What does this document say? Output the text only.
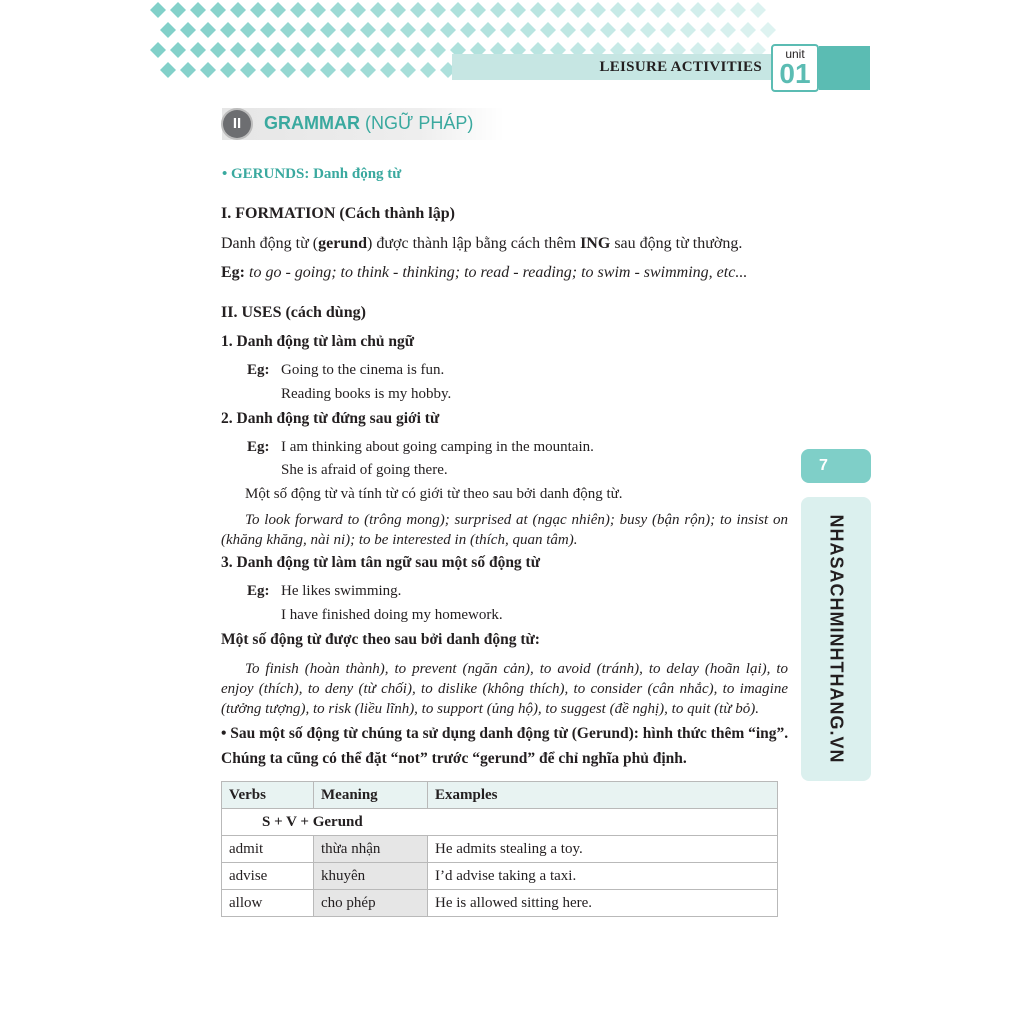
LEISURE ACTIVITIES
unit
01
II	GRAMMAR (NGỮ PHÁP)
• GERUNDS: Danh động từ
I. FORMATION (Cách thành lập)
Danh động từ (gerund) được thành lập bằng cách thêm ING sau động từ thường.
Eg: to go - going; to think - thinking; to read - reading; to swim - swimming, etc...
II. USES (cách dùng)
1. Danh động từ làm chủ ngữ
Eg: Going to the cinema is fun.
Reading books is my hobby.
2. Danh động từ đứng sau giới từ
Eg: I am thinking about going camping in the mountain.
She is afraid of going there.
Một số động từ và tính từ có giới từ theo sau bởi danh động từ.
To look forward to (trông mong); surprised at (ngạc nhiên); busy (bận rộn); to insist on (khăng khăng, nài ni); to be interested in (thích, quan tâm).
3. Danh động từ làm tân ngữ sau một số động từ
Eg: He likes swimming.
I have finished doing my homework.
Một số động từ được theo sau bởi danh động từ:
To finish (hoàn thành), to prevent (ngăn cản), to avoid (tránh), to delay (hoãn lại), to enjoy (thích), to deny (từ chối), to dislike (không thích), to consider (cân nhắc), to imagine (tưởng tượng), to risk (liều lĩnh), to support (ủng hộ), to suggest (đề nghị), to quit (từ bỏ).
• Sau một số động từ chúng ta sử dụng danh động từ (Gerund): hình thức thêm “ing”. Chúng ta cũng có thể đặt “not” trước “gerund” để chỉ nghĩa phủ định.
Verbs	Meaning	Examples
S + V + Gerund		
admit	thừa nhận	He admits stealing a toy.
advise	khuyên	I’d advise taking a taxi.
allow	cho phép	He is allowed sitting here.
7
NHASACHMINHTHANG.VN
